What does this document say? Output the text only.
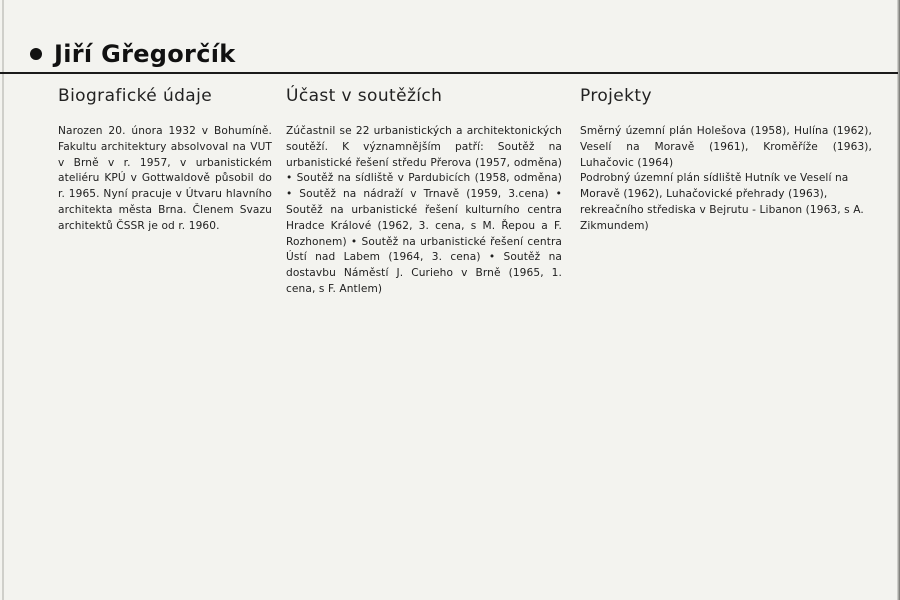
Jiří Gřegorčík
Biografické údaje

Narozen 20. února 1932 v Bohumíně. Fakultu architektury absolvoval na VUT v Brně v r. 1957, v urbanistickém ateliéru KPÚ v Gottwaldově působil do r. 1965. Nyní pracuje v Útvaru hlavního architekta města Brna. Členem Svazu architektů ČSSR je od r. 1960.

Účast v soutěžích

Zúčastnil se 22 urbanistických a architektonických soutěží. K významnějším patří: Soutěž na urbanistické řešení středu Přerova (1957, odměna) • Soutěž na sídliště v Pardubicích (1958, odměna) • Soutěž na nádraží v Trnavě (1959, 3.cena) • Soutěž na urbanistické řešení kulturního centra Hradce Králové (1962, 3. cena, s M. Řepou a F. Rozhonem) • Soutěž na urbanistické řešení centra Ústí nad Labem (1964, 3. cena) • Soutěž na dostavbu Náměstí J. Curieho v Brně (1965, 1. cena, s F. Antlem)

Projekty

Směrný územní plán Holešova (1958), Hulína (1962), Veselí na Moravě (1961), Kroměříže (1963), Luhačovic (1964)

Podrobný územní plán sídliště Hutník ve Veselí na Moravě (1962), Luhačovické přehrady (1963), rekreačního střediska v Bejrutu - Libanon (1963, s A. Zikmundem)
